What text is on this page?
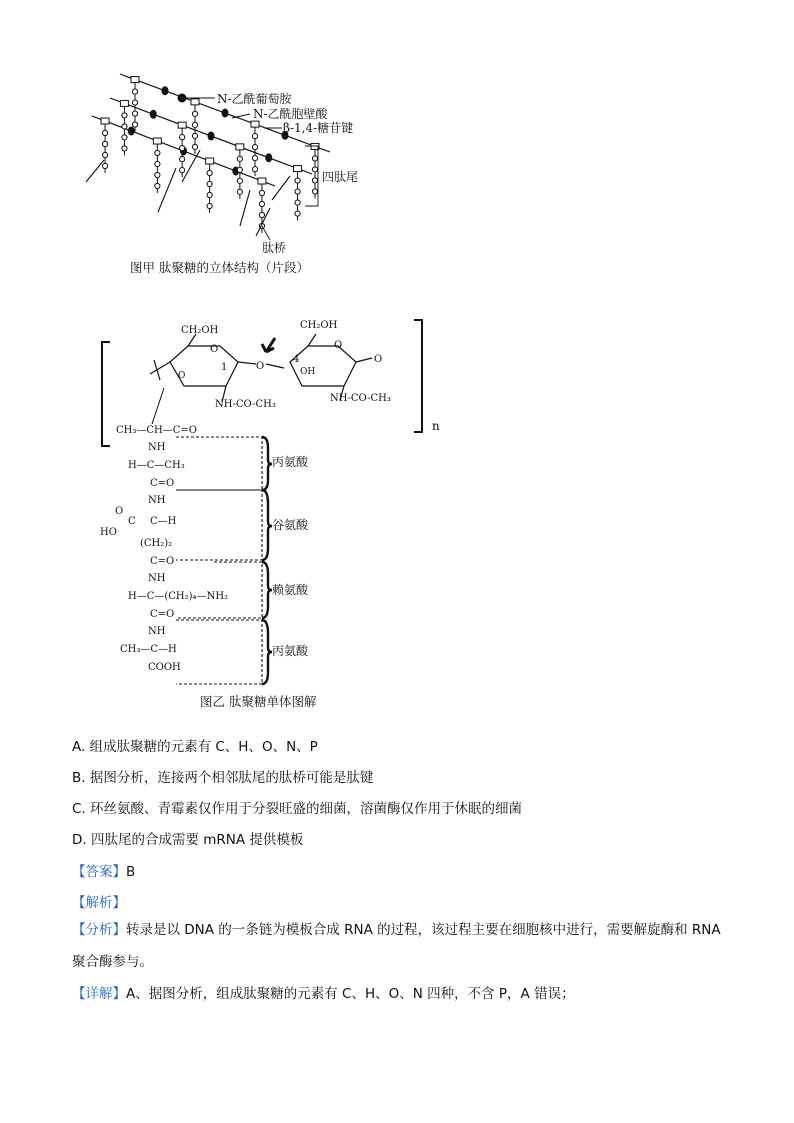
N-乙酰葡萄胺
N-乙酰胞壁酸
β-1,4-糖苷键
四肽尾
肽桥
图甲 肽聚糖的立体结构（片段）
n
CH₂OH
O
O
1
NH-CO-CH₃
O
CH₂OH
O
O
4
OH
NH-CO-CH₃
CH₃—CH—C=O
NH
H—C—CH₃
C=O
NH
O
C C—H
HO
(CH₂)₂
C=O
NH
H—C—(CH₂)₄—NH₂
C=O
NH
CH₃—C—H
COOH
丙氨酸
谷氨酸
赖氨酸
丙氨酸
图乙 肽聚糖单体图解
A. 组成肽聚糖的元素有 C、H、O、N、P
B. 据图分析，连接两个相邻肽尾的肽桥可能是肽键
C. 环丝氨酸、青霉素仅作用于分裂旺盛的细菌，溶菌酶仅作用于休眠的细菌
D. 四肽尾的合成需要 mRNA 提供模板
【答案】B
【解析】
【分析】转录是以 DNA 的一条链为模板合成 RNA 的过程，该过程主要在细胞核中进行，需要解旋酶和 RNA 聚合酶参与。
【详解】A、据图分析，组成肽聚糖的元素有 C、H、O、N 四种，不含 P，A 错误；
